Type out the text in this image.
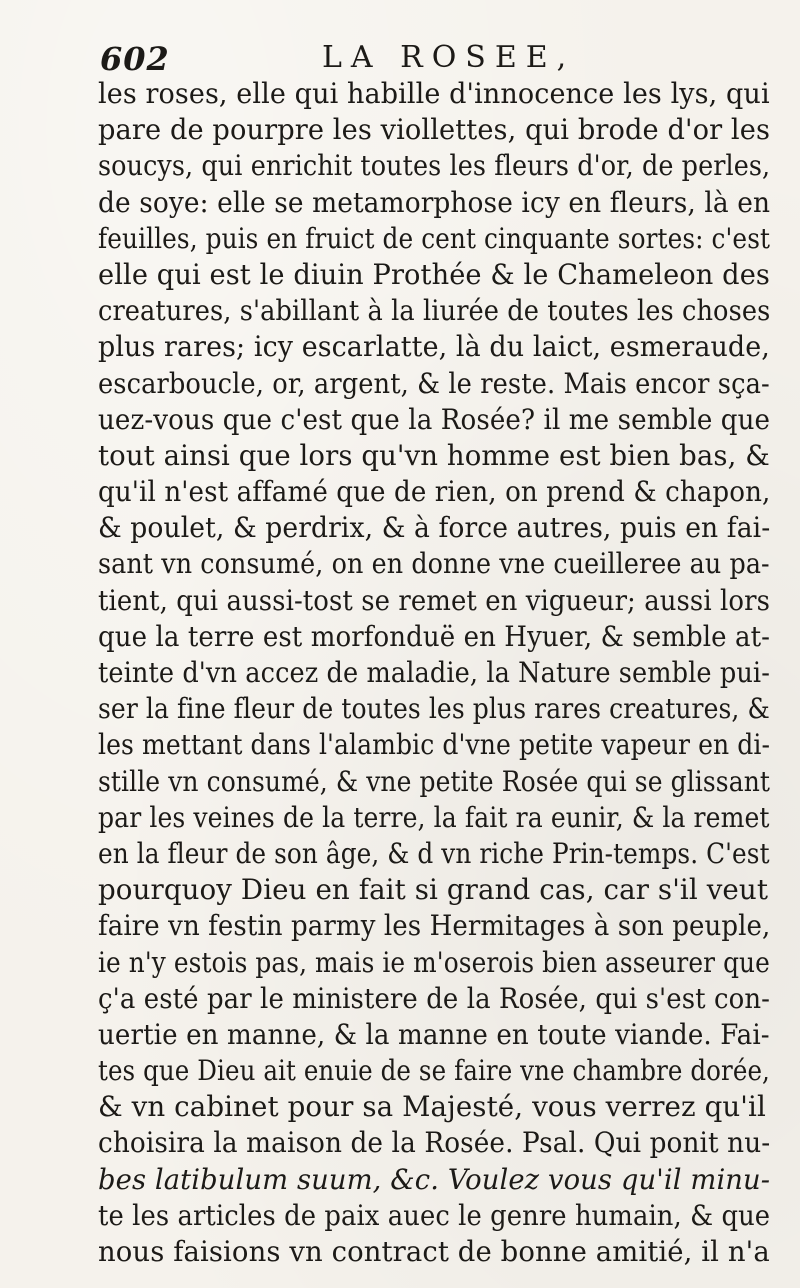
602	LA ROSEE,
les roses, elle qui habille d'innocence les lys, qui
pare de pourpre les viollettes, qui brode d'or les
soucys, qui enrichit toutes les fleurs d'or, de perles,
de soye: elle se metamorphose icy en fleurs, là en
feuilles, puis en fruict de cent cinquante sortes: c'est
elle qui est le diuin Prothée & le Chameleon des
creatures, s'abillant à la liurée de toutes les choses
plus rares; icy escarlatte, là du laict, esmeraude,
escarboucle, or, argent, & le reste. Mais encor sça-
uez-vous que c'est que la Rosée? il me semble que
tout ainsi que lors qu'vn homme est bien bas, &
qu'il n'est affamé que de rien, on prend & chapon,
& poulet, & perdrix, & à force autres, puis en fai-
sant vn consumé, on en donne vne cueilleree au pa-
tient, qui aussi-tost se remet en vigueur; aussi lors
que la terre est morfonduë en Hyuer, & semble at-
teinte d'vn accez de maladie, la Nature semble pui-
ser la fine fleur de toutes les plus rares creatures, &
les mettant dans l'alambic d'vne petite vapeur en di-
stille vn consumé, & vne petite Rosée qui se glissant
par les veines de la terre, la fait ra eunir, & la remet
en la fleur de son âge, & d vn riche Prin-temps. C'est
pourquoy Dieu en fait si grand cas, car s'il veut
faire vn festin parmy les Hermitages à son peuple,
ie n'y estois pas, mais ie m'oserois bien asseurer que
ç'a esté par le ministere de la Rosée, qui s'est con-
uertie en manne, & la manne en toute viande. Fai-
tes que Dieu ait enuie de se faire vne chambre dorée,
& vn cabinet pour sa Majesté, vous verrez qu'il
choisira la maison de la Rosée. Psal. Qui ponit nu-
bes latibulum suum, &c. Voulez vous qu'il minu-
te les articles de paix auec le genre humain, & que
nous faisions vn contract de bonne amitié, il n'a
